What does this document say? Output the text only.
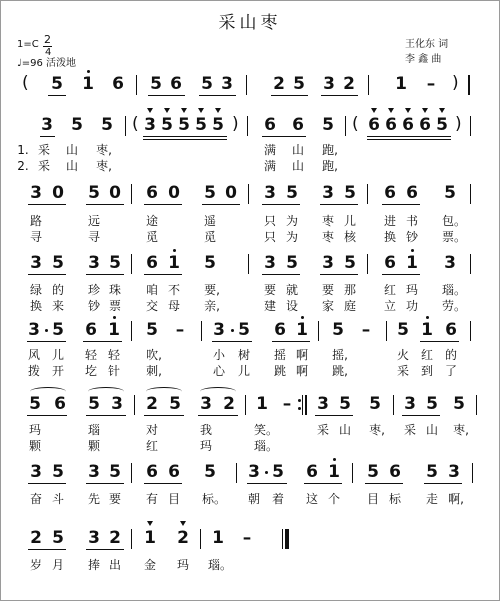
采山枣
1=C 2
4
♩=96 活泼地
王化东 词
李 鑫 曲
(	5	1	6	5 6	5 3	2 5	3 2	1	– )
3	5	5	( 3 5 5 5 5 )	6 6	5	( 6 6 6 6 5 )
1.
2.
采	山	枣,	满	山	跑,
采	山	枣,	满	山	跑,
3 0	5 0	6 0	5 0	3 5	3 5	6 6	5
路	远	途	遥	只 为	枣 儿	进 书	包。
寻	寻	觅	觅	只 为	枣 核	换 钞	票。
3 5	3 5	6 1	5	3 5	3 5	6 1	3
绿 的	珍 珠	咱 不	要,	要 就	要 那	红 玛	瑙。
换 来	钞 票	交 母	亲,	建 设	家 庭	立 功	劳。
3 5	6 1	5	–	3 5	6 1	5	–	5 1 6
风 儿	轻 轻	吹,	小	树	摇 啊	摇,	火 红 的
拨 开	圪 针	刺,	心	儿	跳 啊	跳,	采 到 了
5 6	5 3	2 5	3 2	1 –	3 5	5	3 5 5
玛	瑙	对	我	笑。	采 山	枣,	采 山	枣,
颗	颗	红	玛	瑙。
3 5	3 5	6 6	5	3 5	6 1	5 6	5 3
奋 斗	先 要	有 目	标。	朝 着	这 个	目 标	走 啊,
2 5	3 2	1	2	1	–
岁 月	捧 出	金	玛	瑙。
